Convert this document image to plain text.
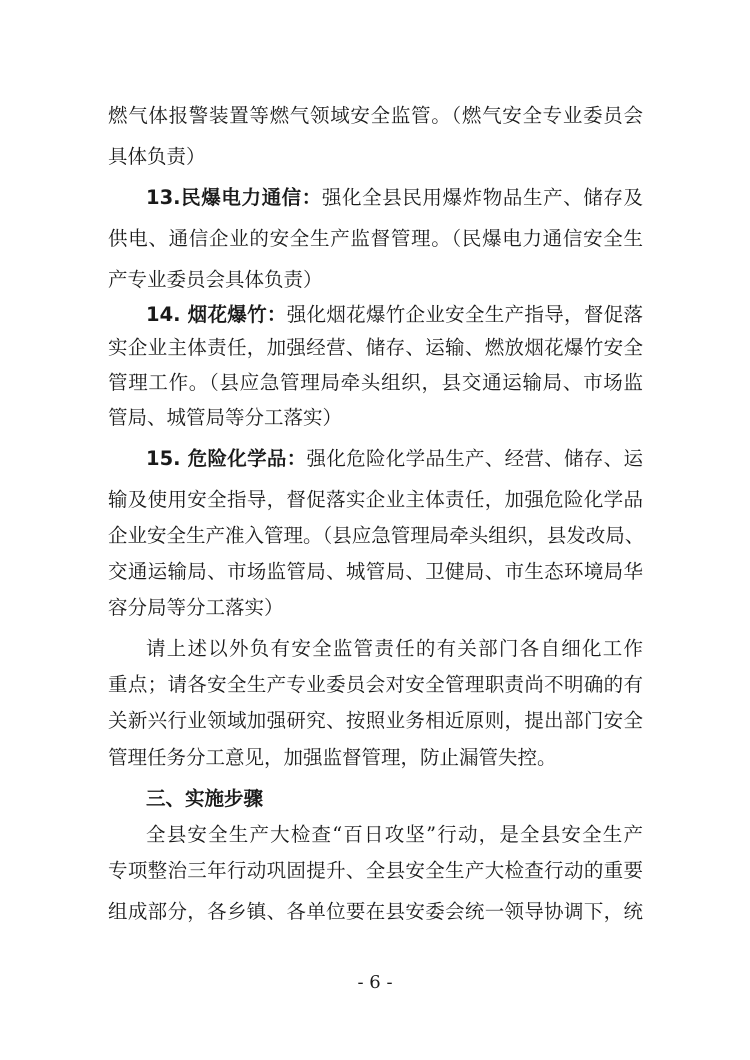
燃气体报警装置等燃气领域安全监管。（燃气安全专业委员会
具体负责）
13.民爆电力通信：强化全县民用爆炸物品生产、储存及
供电、通信企业的安全生产监督管理。（民爆电力通信安全生
产专业委员会具体负责）
14. 烟花爆竹：强化烟花爆竹企业安全生产指导，督促落
实企业主体责任，加强经营、储存、运输、燃放烟花爆竹安全
管理工作。（县应急管理局牵头组织，县交通运输局、市场监
管局、城管局等分工落实）
15. 危险化学品：强化危险化学品生产、经营、储存、运
输及使用安全指导，督促落实企业主体责任，加强危险化学品
企业安全生产准入管理。（县应急管理局牵头组织，县发改局、
交通运输局、市场监管局、城管局、卫健局、市生态环境局华
容分局等分工落实）
请上述以外负有安全监管责任的有关部门各自细化工作
重点；请各安全生产专业委员会对安全管理职责尚不明确的有
关新兴行业领域加强研究、按照业务相近原则，提出部门安全
管理任务分工意见，加强监督管理，防止漏管失控。
三、实施步骤
全县安全生产大检查“百日攻坚”行动，是全县安全生产
专项整治三年行动巩固提升、全县安全生产大检查行动的重要
组成部分，各乡镇、各单位要在县安委会统一领导协调下，统
- 6 -
